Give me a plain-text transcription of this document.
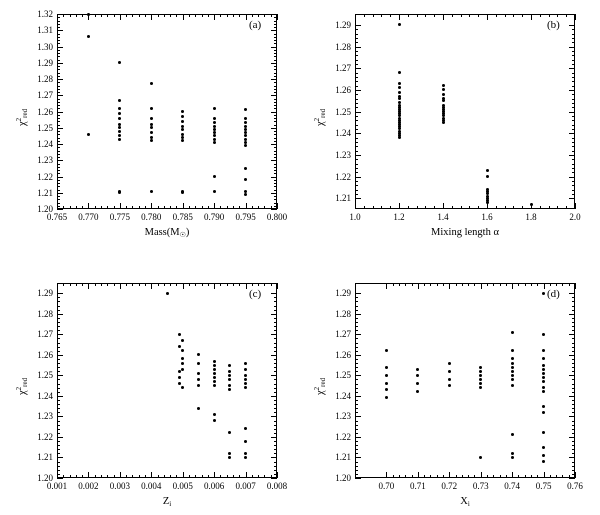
0.765 0.770 0.775 0.780 0.785 0.790 0.795 0.800
1.20
1.21
1.22
1.23
1.24
1.25
1.26
1.27
1.28
1.29
1.30
1.31
1.32
(a)
$Mass(M_☉)$
$\chi^2_{red}$
1.0	1.2	1.4	1.6	1.8	2.0
1.21
1.22
1.23
1.24
1.25
1.26
1.27
1.28
1.29	(b)
Mixing length α
$\chi^2_{red}$
0.001 0.002 0.003 0.004 0.005 0.006 0.007 0.008
1.20
1.21
1.22
1.23
1.24
1.25
1.26
1.27
1.28
1.29	(c)
$Z_i$
$\chi^2_{red}$
0.70 0.71 0.72 0.73 0.74 0.75 0.76
1.20
1.21
1.22
1.23
1.24
1.25
1.26
1.27
1.28
1.29	(d)
$X_i$
$\chi^2_{red}$
